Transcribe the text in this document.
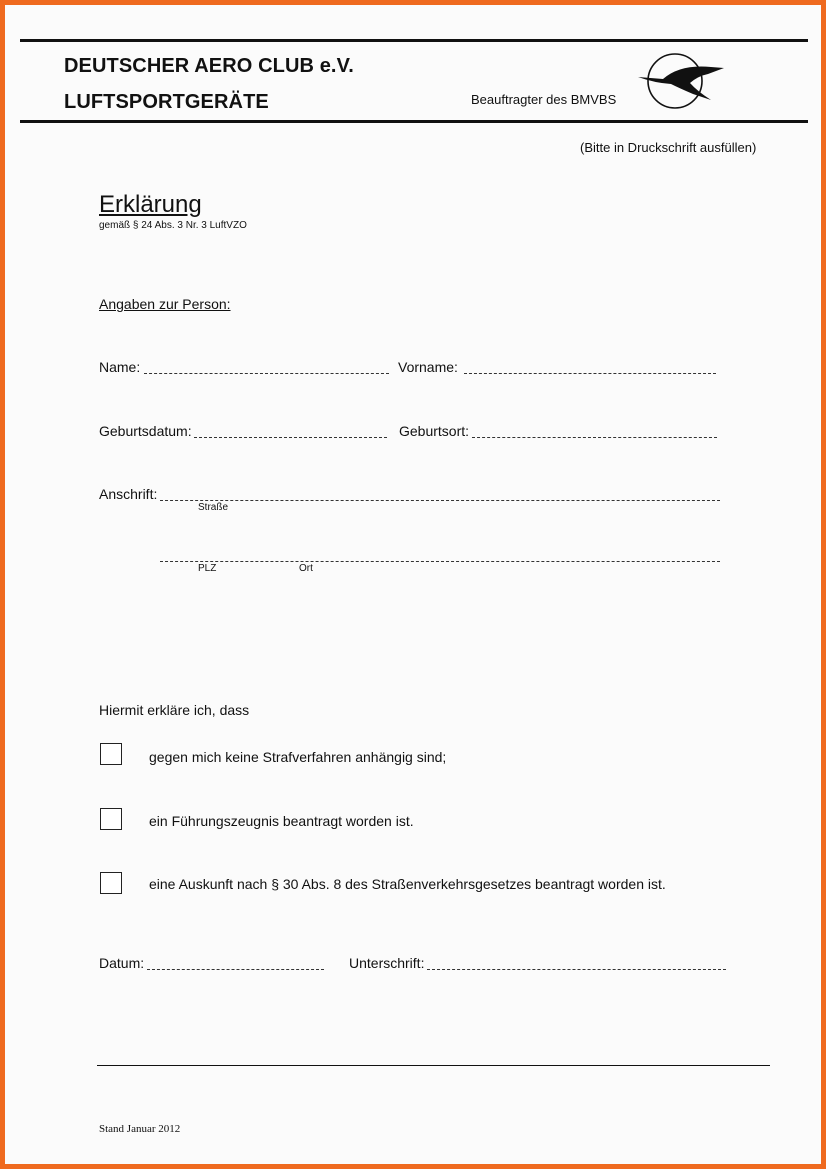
DEUTSCHER AERO CLUB e.V.
LUFTSPORTGERÄTE	Beauftragter des BMVBS
(Bitte in Druckschrift ausfüllen)
Erklärung
gemäß § 24 Abs. 3 Nr. 3 LuftVZO
Angaben zur Person:
Name:	Vorname:
Geburtsdatum:	Geburtsort:
Anschrift:
Straße
PLZ	Ort
Hiermit erkläre ich, dass
gegen mich keine Strafverfahren anhängig sind;
ein Führungszeugnis beantragt worden ist.
eine Auskunft nach § 30 Abs. 8 des Straßenverkehrsgesetzes beantragt worden ist.
Datum:	Unterschrift:
Stand Januar 2012
